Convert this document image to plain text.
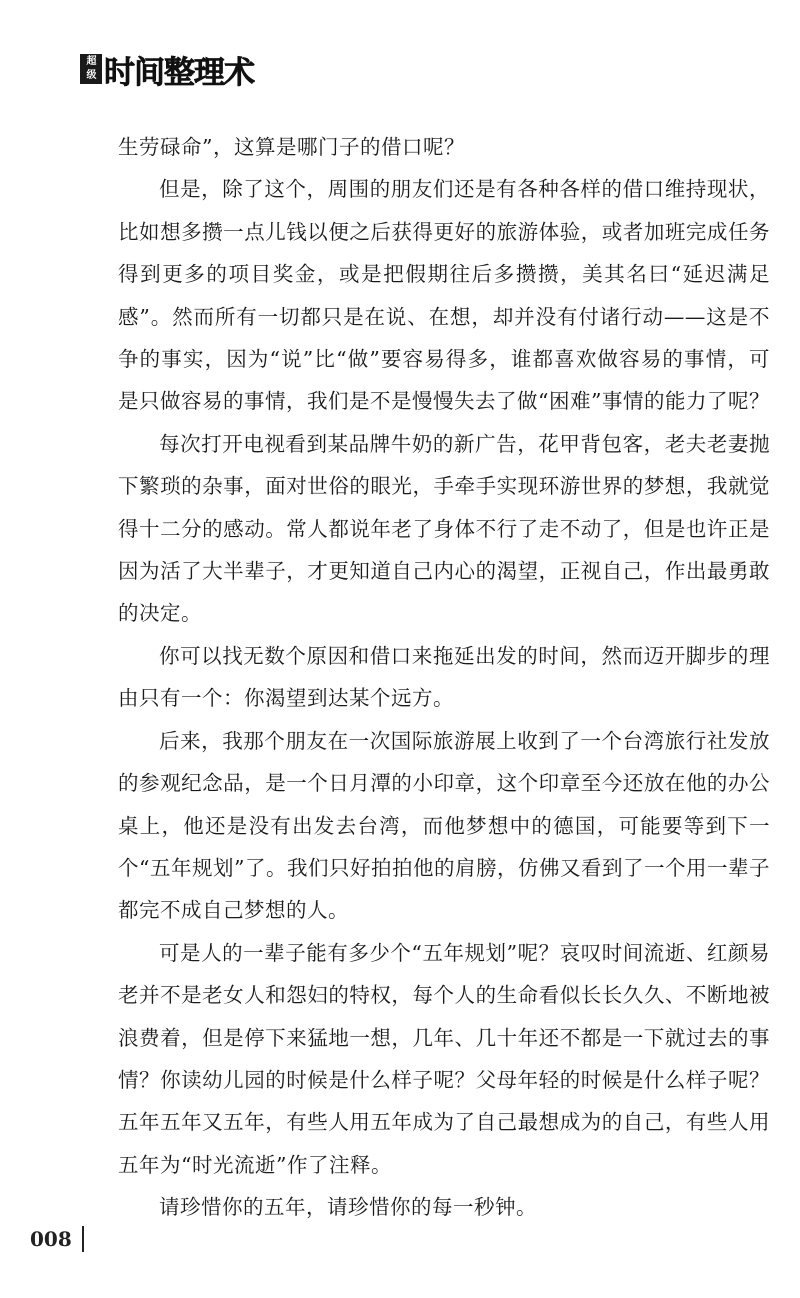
超
级 时间整理术

生劳碌命”，这算是哪门子的借口呢？

但是，除了这个，周围的朋友们还是有各种各样的借口维持现状，比如想多攒一点儿钱以便之后获得更好的旅游体验，或者加班完成任务得到更多的项目奖金，或是把假期往后多攒攒，美其名曰“延迟满足感”。然而所有一切都只是在说、在想，却并没有付诸行动——这是不争的事实，因为“说”比“做”要容易得多，谁都喜欢做容易的事情，可是只做容易的事情，我们是不是慢慢失去了做“困难”事情的能力了呢？

每次打开电视看到某品牌牛奶的新广告，花甲背包客，老夫老妻抛下繁琐的杂事，面对世俗的眼光，手牵手实现环游世界的梦想，我就觉得十二分的感动。常人都说年老了身体不行了走不动了，但是也许正是因为活了大半辈子，才更知道自己内心的渴望，正视自己，作出最勇敢的决定。

你可以找无数个原因和借口来拖延出发的时间，然而迈开脚步的理由只有一个：你渴望到达某个远方。

后来，我那个朋友在一次国际旅游展上收到了一个台湾旅行社发放的参观纪念品，是一个日月潭的小印章，这个印章至今还放在他的办公桌上，他还是没有出发去台湾，而他梦想中的德国，可能要等到下一个“五年规划”了。我们只好拍拍他的肩膀，仿佛又看到了一个用一辈子都完不成自己梦想的人。

可是人的一辈子能有多少个“五年规划”呢？哀叹时间流逝、红颜易老并不是老女人和怨妇的特权，每个人的生命看似长长久久、不断地被浪费着，但是停下来猛地一想，几年、几十年还不都是一下就过去的事情？你读幼儿园的时候是什么样子呢？父母年轻的时候是什么样子呢？五年五年又五年，有些人用五年成为了自己最想成为的自己，有些人用五年为“时光流逝”作了注释。

请珍惜你的五年，请珍惜你的每一秒钟。

008
